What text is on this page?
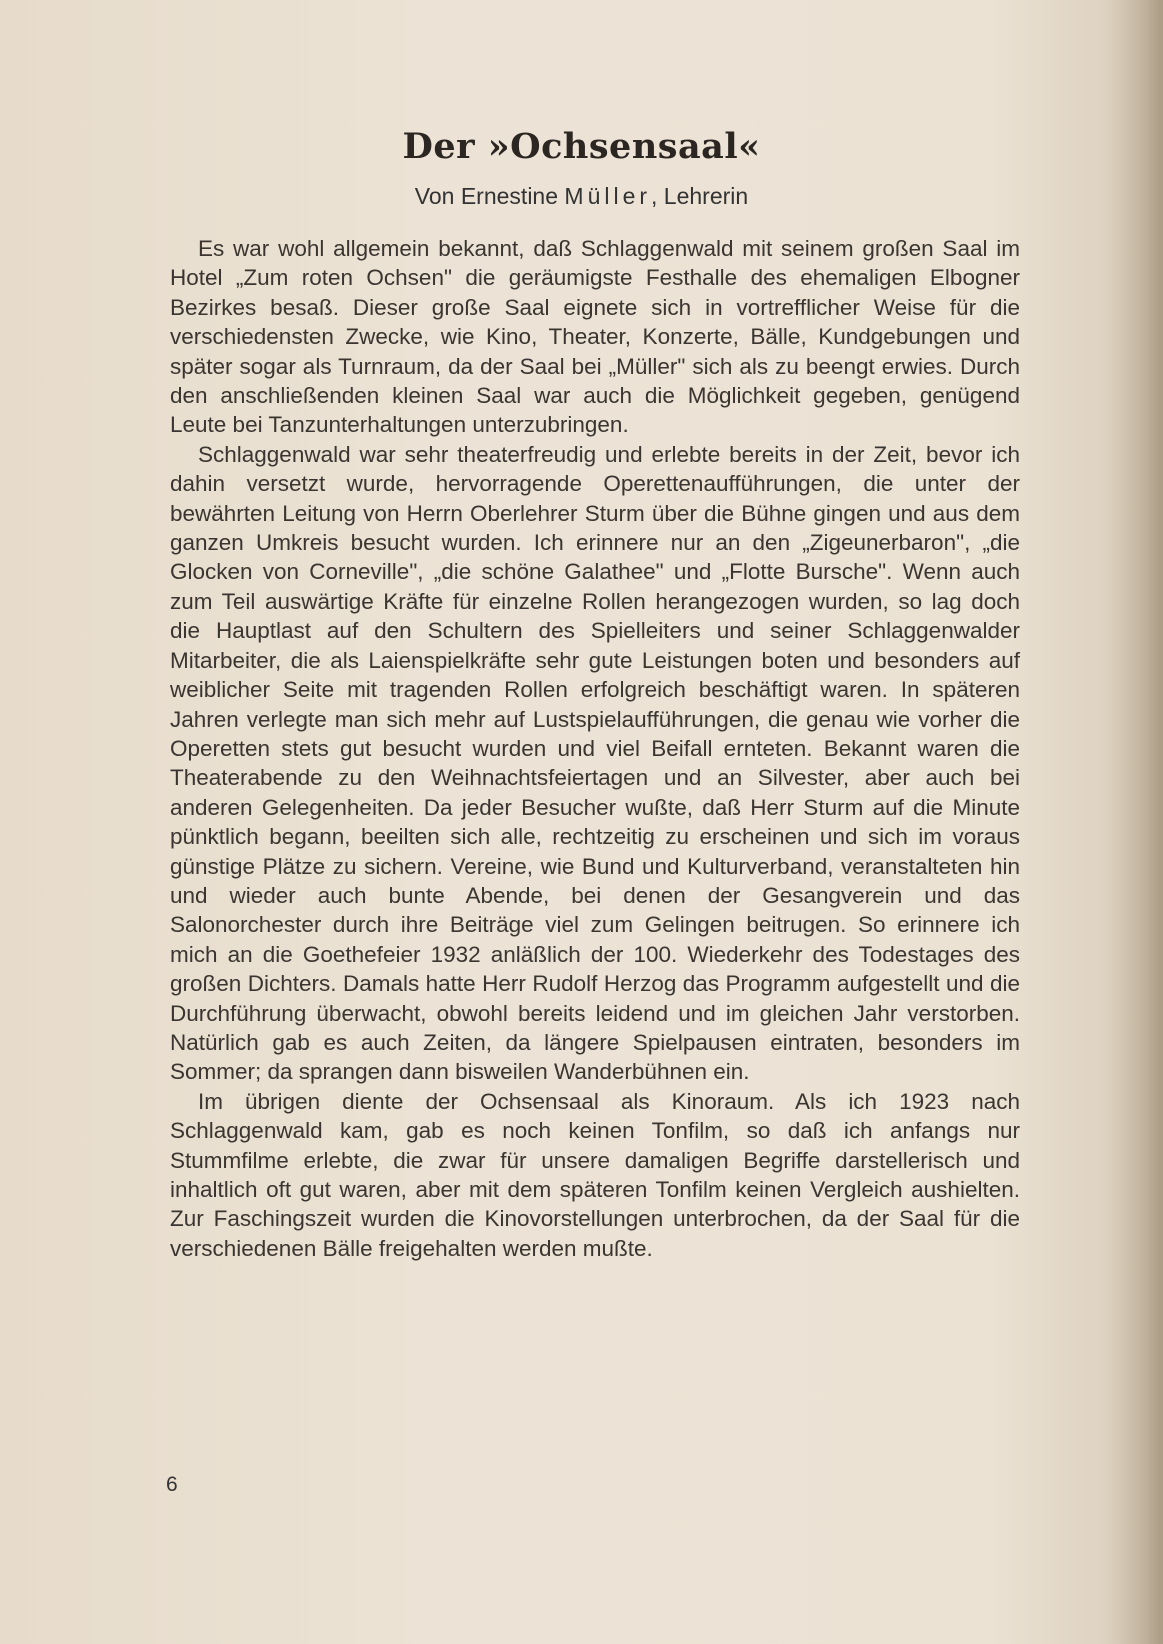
Der »Ochsensaal«
Von Ernestine Müller, Lehrerin

Es war wohl allgemein bekannt, daß Schlaggenwald mit seinem großen Saal im Hotel „Zum roten Ochsen" die geräumigste Festhalle des ehemaligen Elbogner Bezirkes besaß. Dieser große Saal eignete sich in vortrefflicher Weise für die verschiedensten Zwecke, wie Kino, Theater, Konzerte, Bälle, Kundgebungen und später sogar als Turnraum, da der Saal bei „Müller" sich als zu beengt erwies. Durch den anschließenden kleinen Saal war auch die Möglichkeit gegeben, genügend Leute bei Tanzunterhaltungen unterzubringen.

Schlaggenwald war sehr theaterfreudig und erlebte bereits in der Zeit, bevor ich dahin versetzt wurde, hervorragende Operettenaufführungen, die unter der bewährten Leitung von Herrn Oberlehrer Sturm über die Bühne gingen und aus dem ganzen Umkreis besucht wurden. Ich erinnere nur an den „Zigeunerbaron", „die Glocken von Corneville", „die schöne Galathee" und „Flotte Bursche". Wenn auch zum Teil auswärtige Kräfte für einzelne Rollen herangezogen wurden, so lag doch die Hauptlast auf den Schultern des Spielleiters und seiner Schlaggenwalder Mitarbeiter, die als Laienspielkräfte sehr gute Leistungen boten und besonders auf weiblicher Seite mit tragenden Rollen erfolgreich beschäftigt waren. In späteren Jahren verlegte man sich mehr auf Lustspielaufführungen, die genau wie vorher die Operetten stets gut besucht wurden und viel Beifall ernteten. Bekannt waren die Theaterabende zu den Weihnachtsfeiertagen und an Silvester, aber auch bei anderen Gelegenheiten. Da jeder Besucher wußte, daß Herr Sturm auf die Minute pünktlich begann, beeilten sich alle, rechtzeitig zu erscheinen und sich im voraus günstige Plätze zu sichern. Vereine, wie Bund und Kulturverband, veranstalteten hin und wieder auch bunte Abende, bei denen der Gesangverein und das Salonorchester durch ihre Beiträge viel zum Gelingen beitrugen. So erinnere ich mich an die Goethefeier 1932 anläßlich der 100. Wiederkehr des Todestages des großen Dichters. Damals hatte Herr Rudolf Herzog das Programm aufgestellt und die Durchführung überwacht, obwohl bereits leidend und im gleichen Jahr verstorben. Natürlich gab es auch Zeiten, da längere Spielpausen eintraten, besonders im Sommer; da sprangen dann bisweilen Wanderbühnen ein.

Im übrigen diente der Ochsensaal als Kinoraum. Als ich 1923 nach Schlaggenwald kam, gab es noch keinen Tonfilm, so daß ich anfangs nur Stummfilme erlebte, die zwar für unsere damaligen Begriffe darstellerisch und inhaltlich oft gut waren, aber mit dem späteren Tonfilm keinen Vergleich aushielten. Zur Faschingszeit wurden die Kinovorstellungen unterbrochen, da der Saal für die verschiedenen Bälle freigehalten werden mußte.

6
